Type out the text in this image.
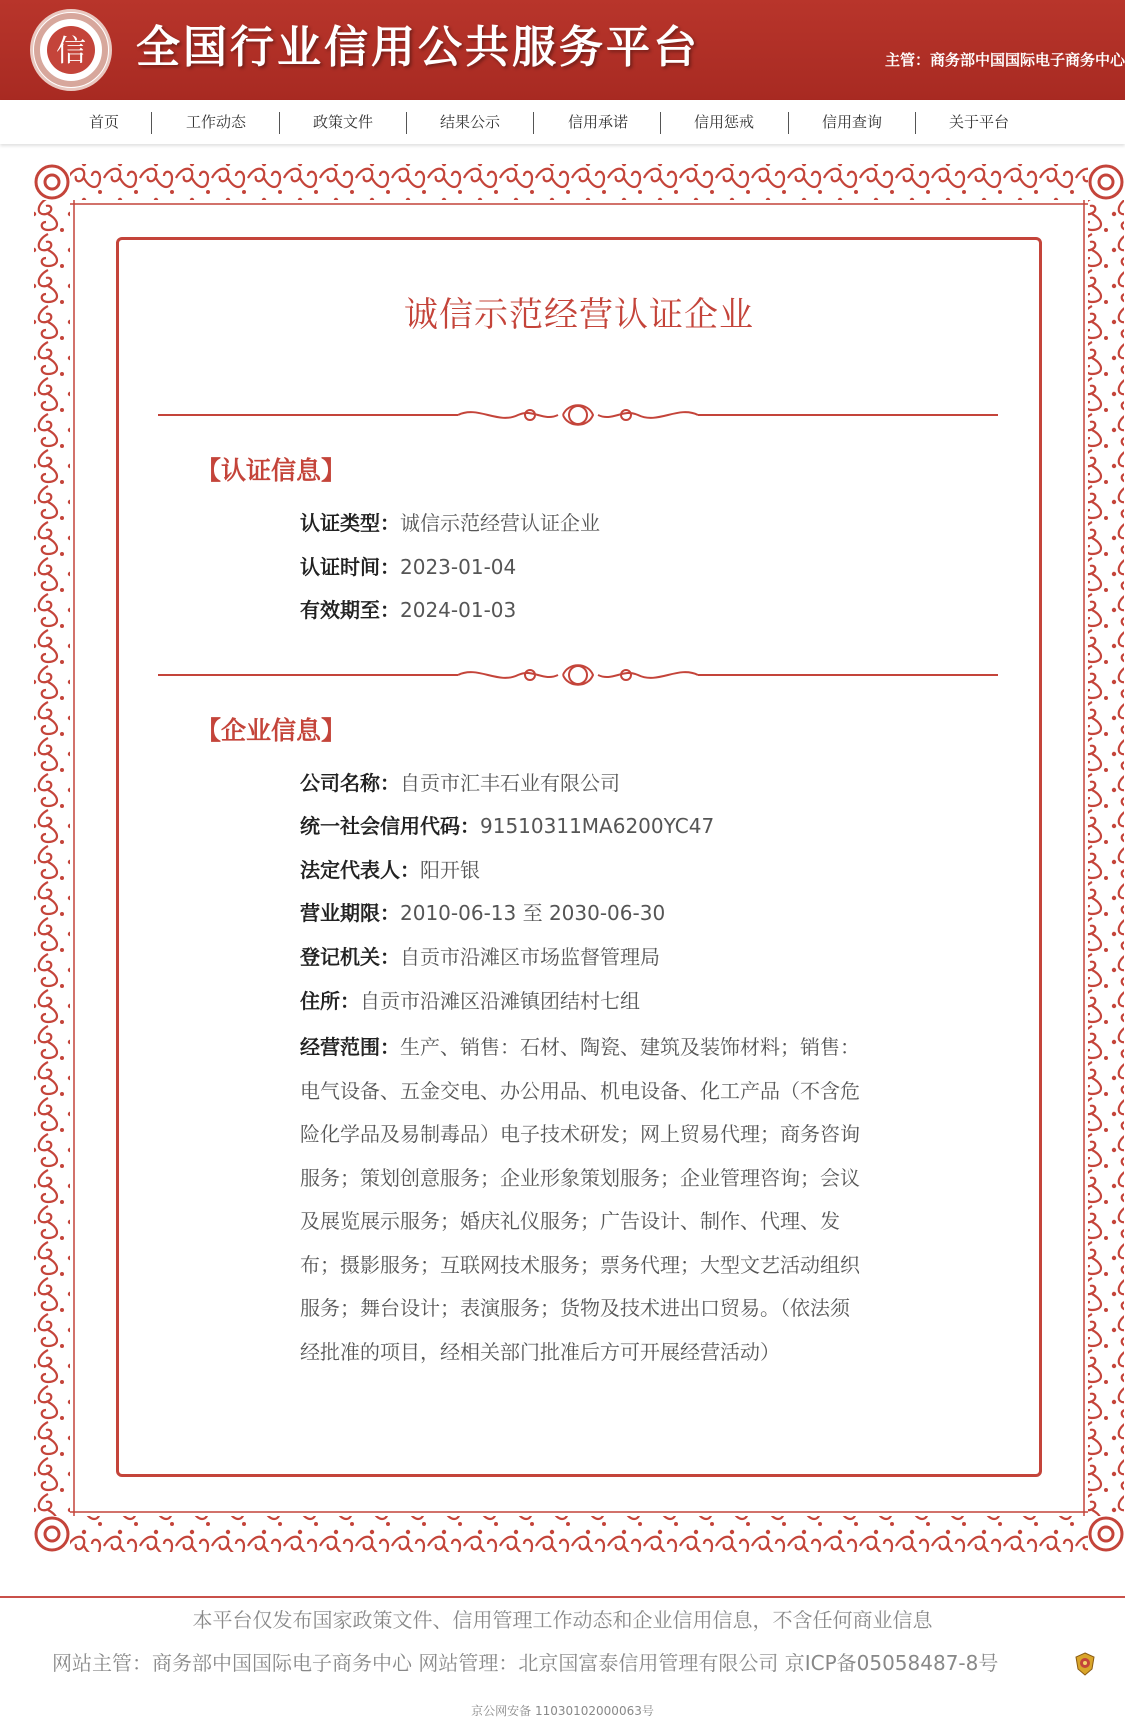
信 全国行业信用公共服务平台	主管：商务部中国国际电子商务中心
首页	工作动态	政策文件	结果公示	信用承诺	信用惩戒	信用查询	关于平台
诚信示范经营认证企业
【认证信息】
认证类型：诚信示范经营认证企业
认证时间：2023-01-04
有效期至：2024-01-03
【企业信息】
公司名称：自贡市汇丰石业有限公司
统一社会信用代码：91510311MA6200YC47
法定代表人：阳开银
营业期限：2010-06-13 至 2030-06-30
登记机关：自贡市沿滩区市场监督管理局
住所：自贡市沿滩区沿滩镇团结村七组
经营范围：生产、销售：石材、陶瓷、建筑及装饰材料；销售：电气设备、五金交电、办公用品、机电设备、化工产品（不含危险化学品及易制毒品）电子技术研发；网上贸易代理；商务咨询服务；策划创意服务；企业形象策划服务；企业管理咨询；会议及展览展示服务；婚庆礼仪服务；广告设计、制作、代理、发布；摄影服务；互联网技术服务；票务代理；大型文艺活动组织服务；舞台设计；表演服务；货物及技术进出口贸易。（依法须经批准的项目，经相关部门批准后方可开展经营活动）
本平台仅发布国家政策文件、信用管理工作动态和企业信用信息，不含任何商业信息
网站主管：商务部中国国际电子商务中心 网站管理：北京国富泰信用管理有限公司 京ICP备05058487-8号
京公网安备 11030102000063号
